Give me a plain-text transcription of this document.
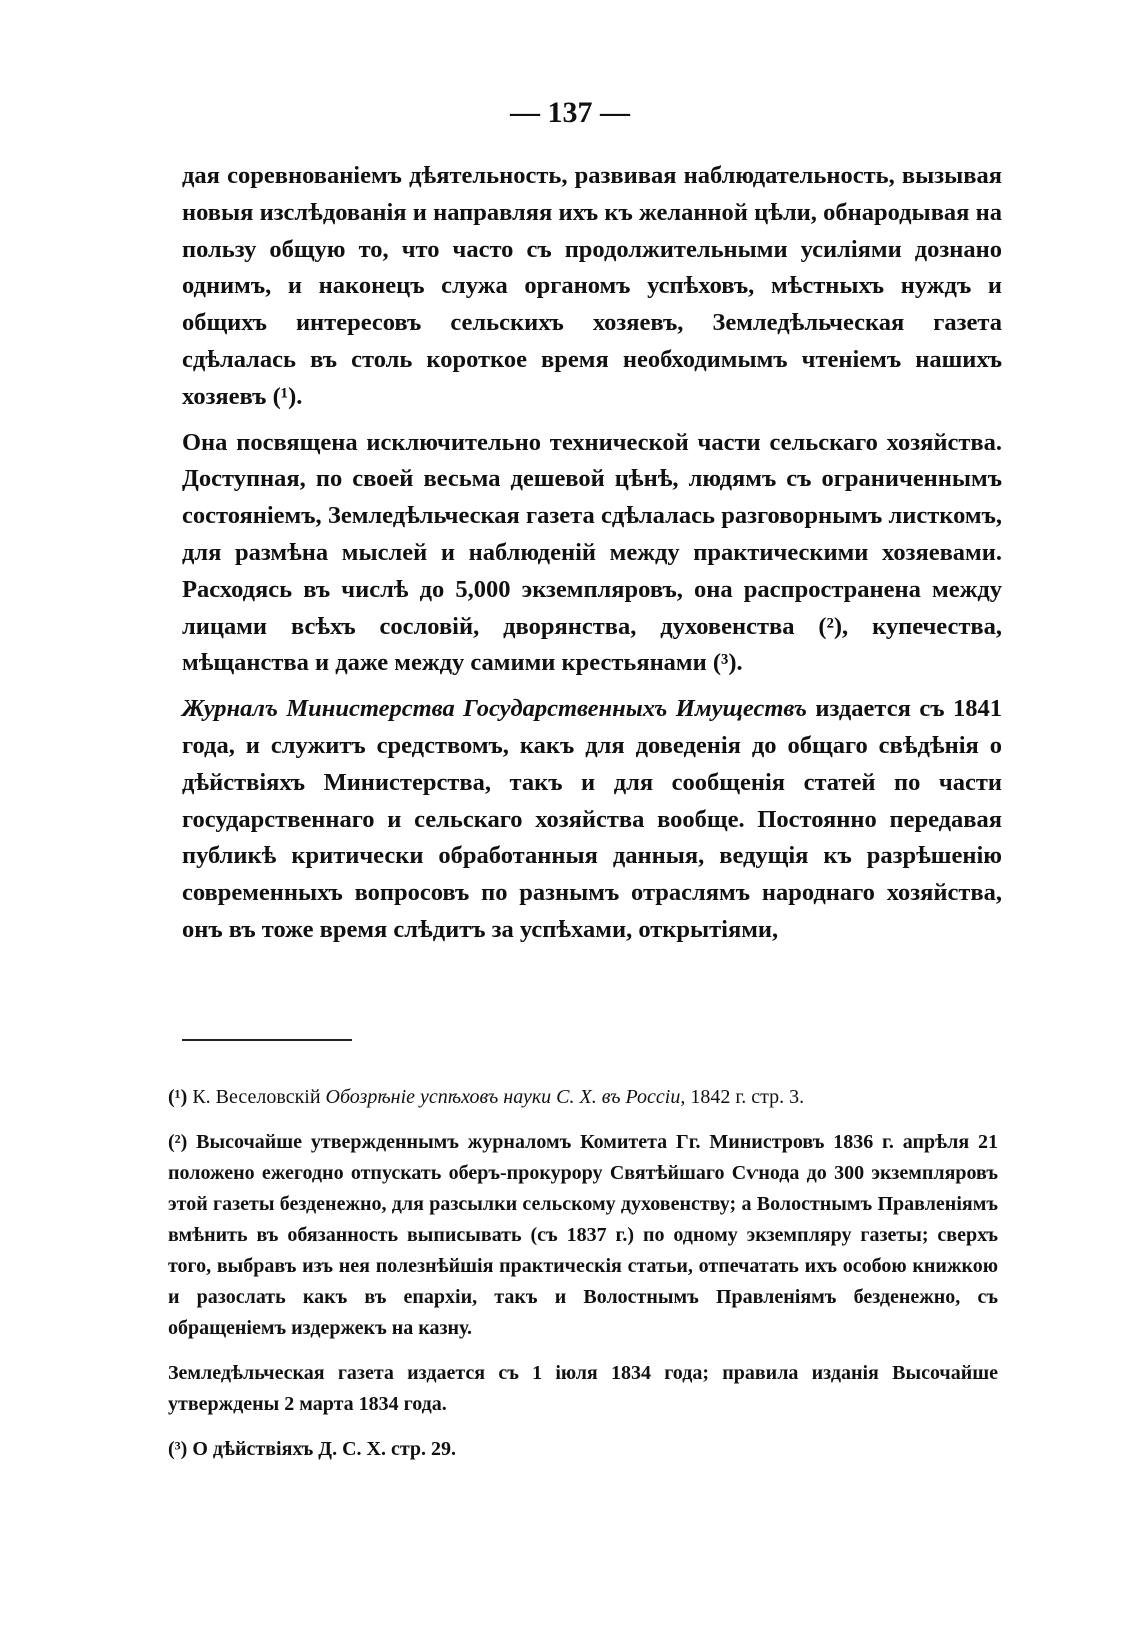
— 137 —

дая соревнованіемъ дѣятельность, развивая наблюдательность, вызывая новыя изслѣдованія и направляя ихъ къ желанной цѣли, обнародывая на пользу общую то, что часто съ продолжительными усиліями дознано однимъ, и наконецъ служа органомъ успѣховъ, мѣстныхъ нуждъ и общихъ интересовъ сельскихъ хозяевъ, Земледѣльческая газета сдѣлалась въ столь короткое время необходимымъ чтеніемъ нашихъ хозяевъ (¹).

Она посвящена исключительно технической части сельскаго хозяйства. Доступная, по своей весьма дешевой цѣнѣ, людямъ съ ограниченнымъ состояніемъ, Земледѣльческая газета сдѣлалась разговорнымъ листкомъ, для размѣна мыслей и наблюденій между практическими хозяевами. Расходясь въ числѣ до 5,000 экземпляровъ, она распространена между лицами всѣхъ сословій, дворянства, духовенства (²), купечества, мѣщанства и даже между самими крестьянами (³).

Журналъ Министерства Государственныхъ Имуществъ издается съ 1841 года, и служитъ средствомъ, какъ для доведенія до общаго свѣдѣнія о дѣйствіяхъ Министерства, такъ и для сообщенія статей по части государственнаго и сельскаго хозяйства вообще. Постоянно передавая публикѣ критически обработанныя данныя, ведущія къ разрѣшенію современныхъ вопросовъ по разнымъ отраслямъ народнаго хозяйства, онъ въ тоже время слѣдитъ за успѣхами, открытіями,

(¹) К. Веселовскій Обозрѣніе успѣховъ науки С. Х. въ Россіи, 1842 г. стр. 3.

(²) Высочайше утвержденнымъ журналомъ Комитета Гг. Министровъ 1836 г. апрѣля 21 положено ежегодно отпускать оберъ-прокурору Святѣйшаго Сѵнода до 300 экземпляровъ этой газеты безденежно, для разсылки сельскому духовенству; а Волостнымъ Правленіямъ вмѣнить въ обязанность выписывать (съ 1837 г.) по одному экземпляру газеты; сверхъ того, выбравъ изъ нея полезнѣйшія практическія статьи, отпечатать ихъ особою книжкою и разослать какъ въ епархіи, такъ и Волостнымъ Правленіямъ безденежно, съ обращеніемъ издержекъ на казну.

Земледѣльческая газета издается съ 1 іюля 1834 года; правила изданія Высочайше утверждены 2 марта 1834 года.

(³) О дѣйствіяхъ Д. С. Х. стр. 29.
